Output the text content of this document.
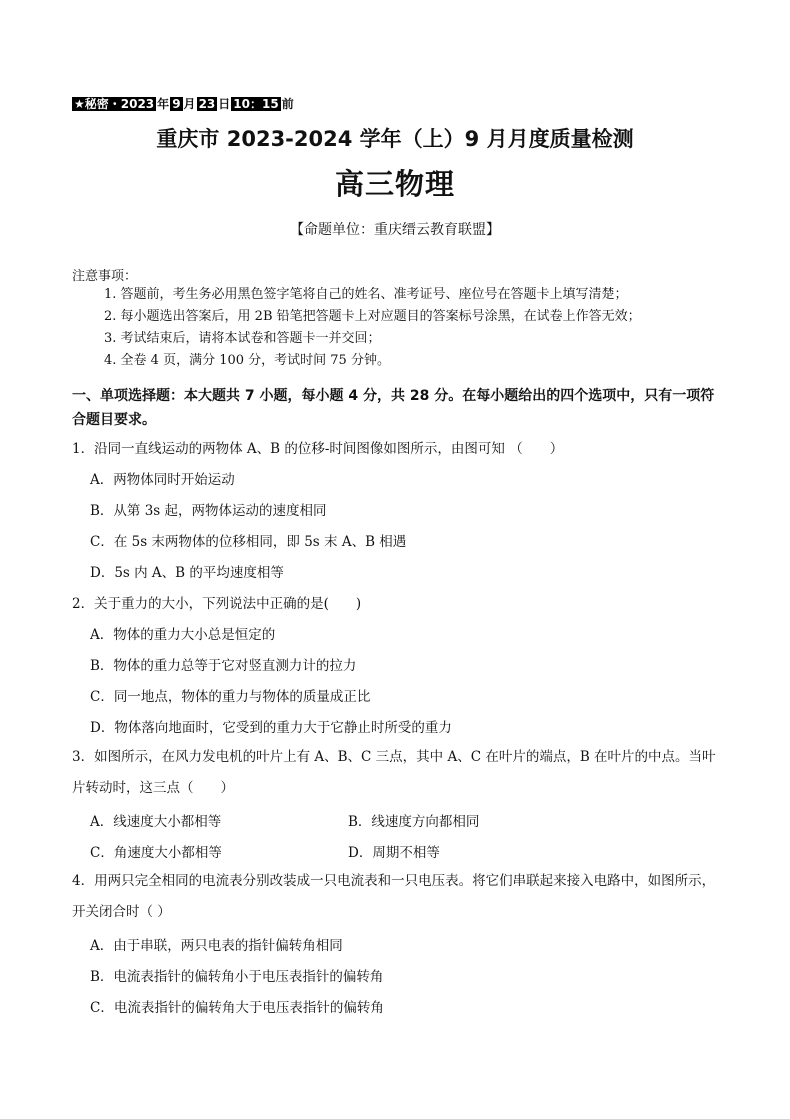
★秘密・2023 年 9 月 23 日 10：15 前
重庆市 2023-2024 学年（上）9 月月度质量检测
高三物理
【命题单位：重庆缙云教育联盟】
注意事项：
1. 答题前，考生务必用黑色签字笔将自己的姓名、准考证号、座位号在答题卡上填写清楚；
2. 每小题选出答案后，用 2B 铅笔把答题卡上对应题目的答案标号涂黑，在试卷上作答无效；
3. 考试结束后，请将本试卷和答题卡一并交回；
4. 全卷 4 页，满分 100 分，考试时间 75 分钟。
一、单项选择题：本大题共 7 小题，每小题 4 分，共 28 分。在每小题给出的四个选项中，只有一项符合题目要求。
1．沿同一直线运动的两物体 A、B 的位移-时间图像如图所示，由图可知 （　　）
A．两物体同时开始运动
B．从第 3s 起，两物体运动的速度相同
C．在 5s 末两物体的位移相同，即 5s 末 A、B 相遇
D．5s 内 A、B 的平均速度相等
2．关于重力的大小，下列说法中正确的是(　　)
A．物体的重力大小总是恒定的
B．物体的重力总等于它对竖直测力计的拉力
C．同一地点，物体的重力与物体的质量成正比
D．物体落向地面时，它受到的重力大于它静止时所受的重力
3．如图所示，在风力发电机的叶片上有 A、B、C 三点，其中 A、C 在叶片的端点，B 在叶片的中点。当叶片转动时，这三点（　　）
A．线速度大小都相等	B．线速度方向都相同
C．角速度大小都相等	D．周期不相等
4．用两只完全相同的电流表分别改装成一只电流表和一只电压表。将它们串联起来接入电路中，如图所示，开关闭合时（ ）
A．由于串联，两只电表的指针偏转角相同
B．电流表指针的偏转角小于电压表指针的偏转角
C．电流表指针的偏转角大于电压表指针的偏转角
